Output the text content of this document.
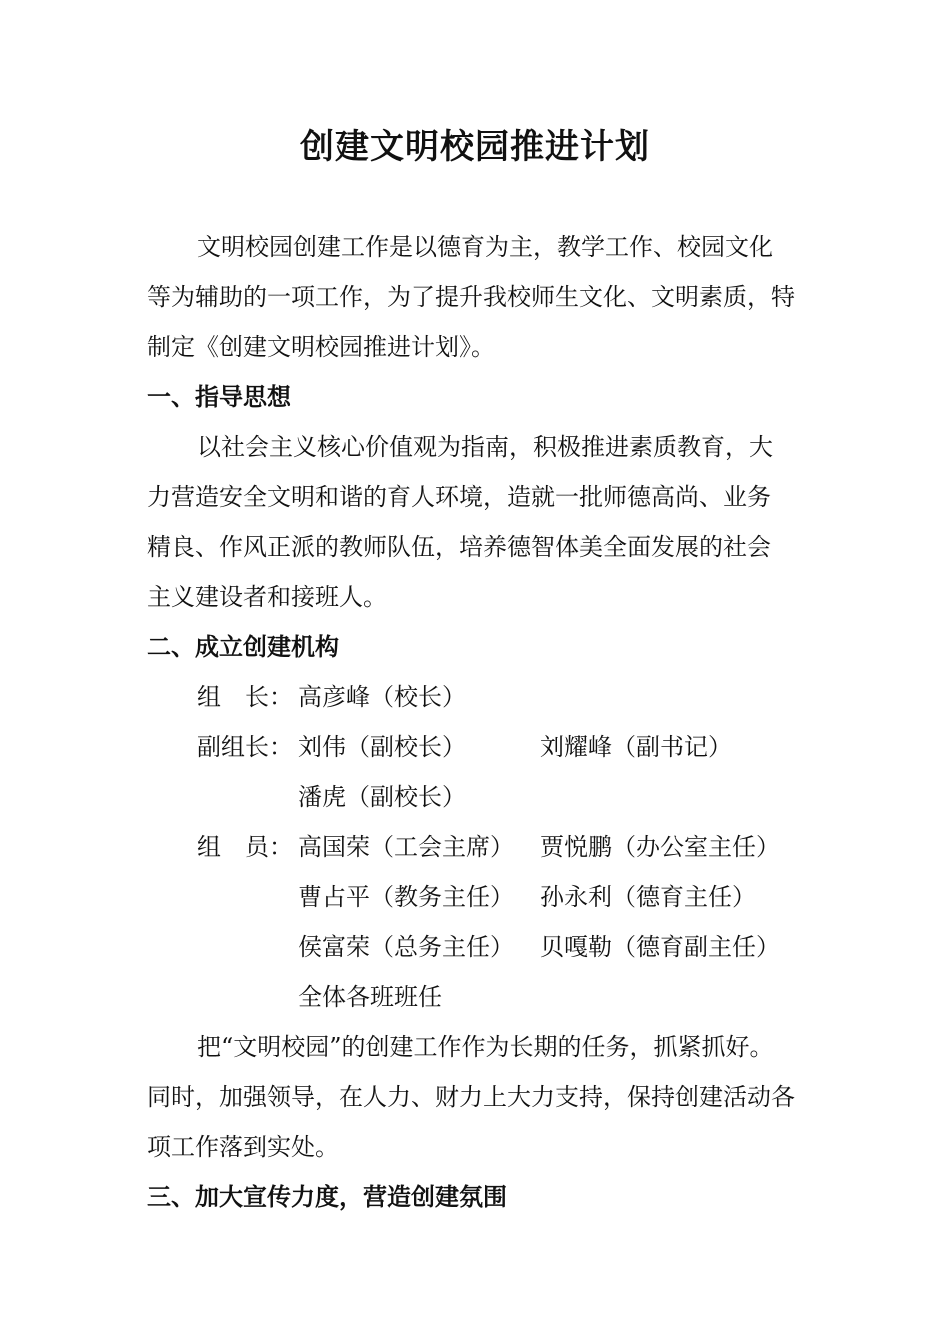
创建文明校园推进计划
文明校园创建工作是以德育为主，教学工作、校园文化
等为辅助的一项工作，为了提升我校师生文化、文明素质，特
制定《创建文明校园推进计划》。
一、指导思想
以社会主义核心价值观为指南，积极推进素质教育，大
力营造安全文明和谐的育人环境，造就一批师德高尚、业务
精良、作风正派的教师队伍，培养德智体美全面发展的社会
主义建设者和接班人。
二、成立创建机构
组　长： 高彦峰（校长）
副组长： 刘伟（副校长）	刘耀峰（副书记）
潘虎（副校长）
组　员： 高国荣（工会主席） 贾悦鹏（办公室主任）
曹占平（教务主任） 孙永利（德育主任）
侯富荣（总务主任） 贝嘎勒（德育副主任）
全体各班班任
把“文明校园”的创建工作作为长期的任务，抓紧抓好。
同时，加强领导，在人力、财力上大力支持，保持创建活动各
项工作落到实处。
三、加大宣传力度，营造创建氛围
